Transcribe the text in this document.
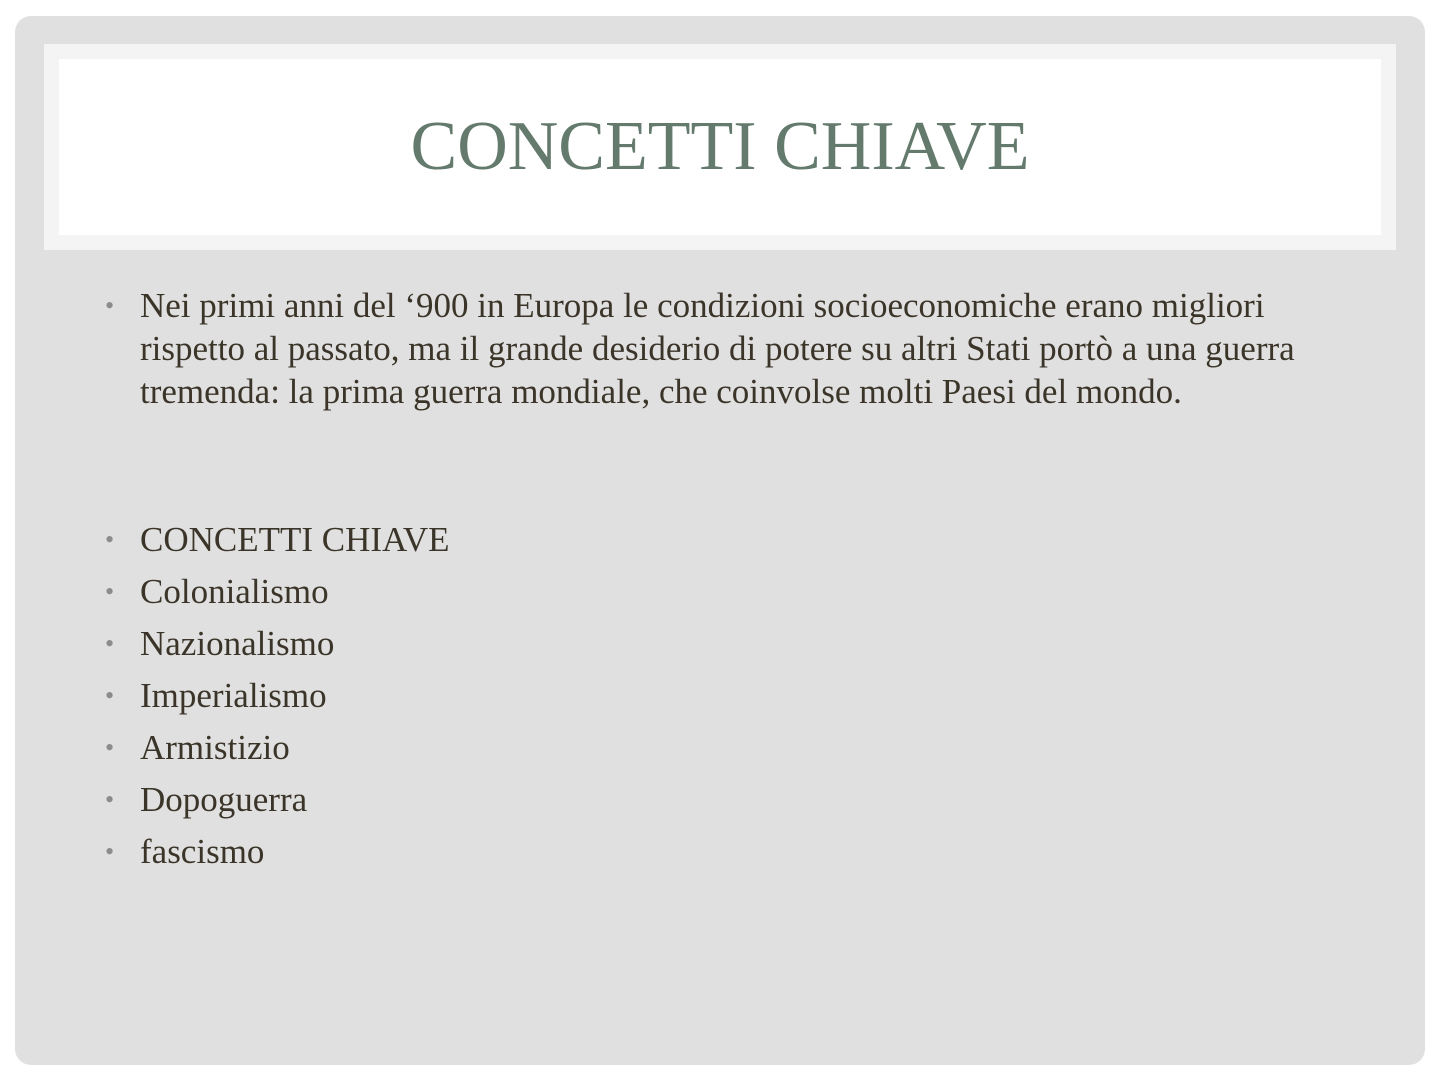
CONCETTI CHIAVE
• Nei primi anni del ‘900 in Europa le condizioni socioeconomiche erano migliori rispetto al passato, ma il grande desiderio di potere su altri Stati portò a una guerra tremenda: la prima guerra mondiale, che coinvolse molti Paesi del mondo.

• CONCETTI CHIAVE
• Colonialismo
• Nazionalismo
• Imperialismo
• Armistizio
• Dopoguerra
• fascismo
